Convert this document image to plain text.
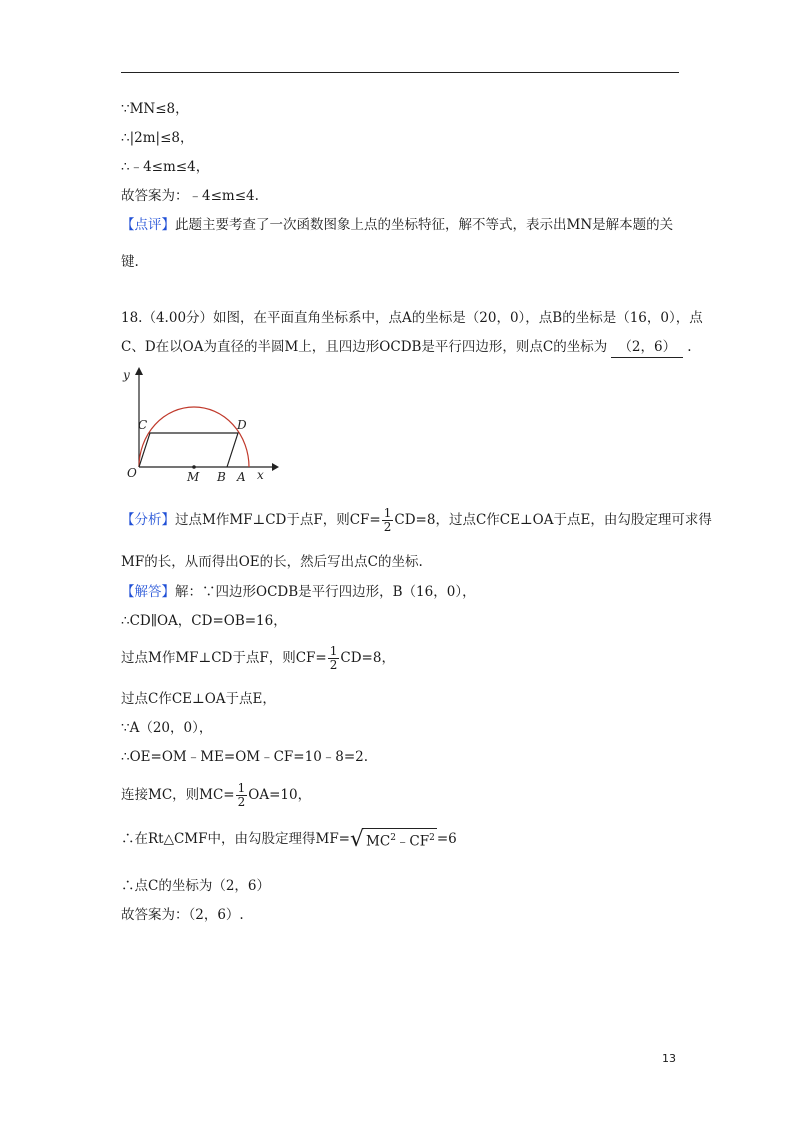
∵MN≤8，
∴|2m|≤8，
∴﹣4≤m≤4，
故答案为：﹣4≤m≤4.
【点评】此题主要考查了一次函数图象上点的坐标特征，解不等式，表示出MN是解本题的关
键.
18.（4.00分）如图，在平面直角坐标系中，点A的坐标是（20，0），点B的坐标是（16，0），点
C、D在以OA为直径的半圆M上，且四边形OCDB是平行四边形，则点C的坐标为 （2，6） .
y
x
O
C	D
M B A
【分析】过点M作MF⊥CD于点F，则$CF= \frac{1}{2} CD=8$，过点C作CE⊥OA于点E，由勾股定理可求得
MF的长，从而得出OE的长，然后写出点C的坐标.
【解答】解：∵四边形OCDB是平行四边形，B（16，0），
∴CD∥OA，CD=OB=16，
过点M作MF⊥CD于点F，则$CF= \frac{1}{2} CD=8$，
过点C作CE⊥OA于点E，
∵A（20，0），
∴OE=OM﹣ME=OM﹣CF=10﹣8=2.
连接MC，则$MC= \frac{1}{2} OA=10$，
∴在Rt△CMF中，由勾股定理得MF= √ $MC^2﹣CF^2 =6$
∴点C的坐标为（2，6）
故答案为：（2，6）.
13
